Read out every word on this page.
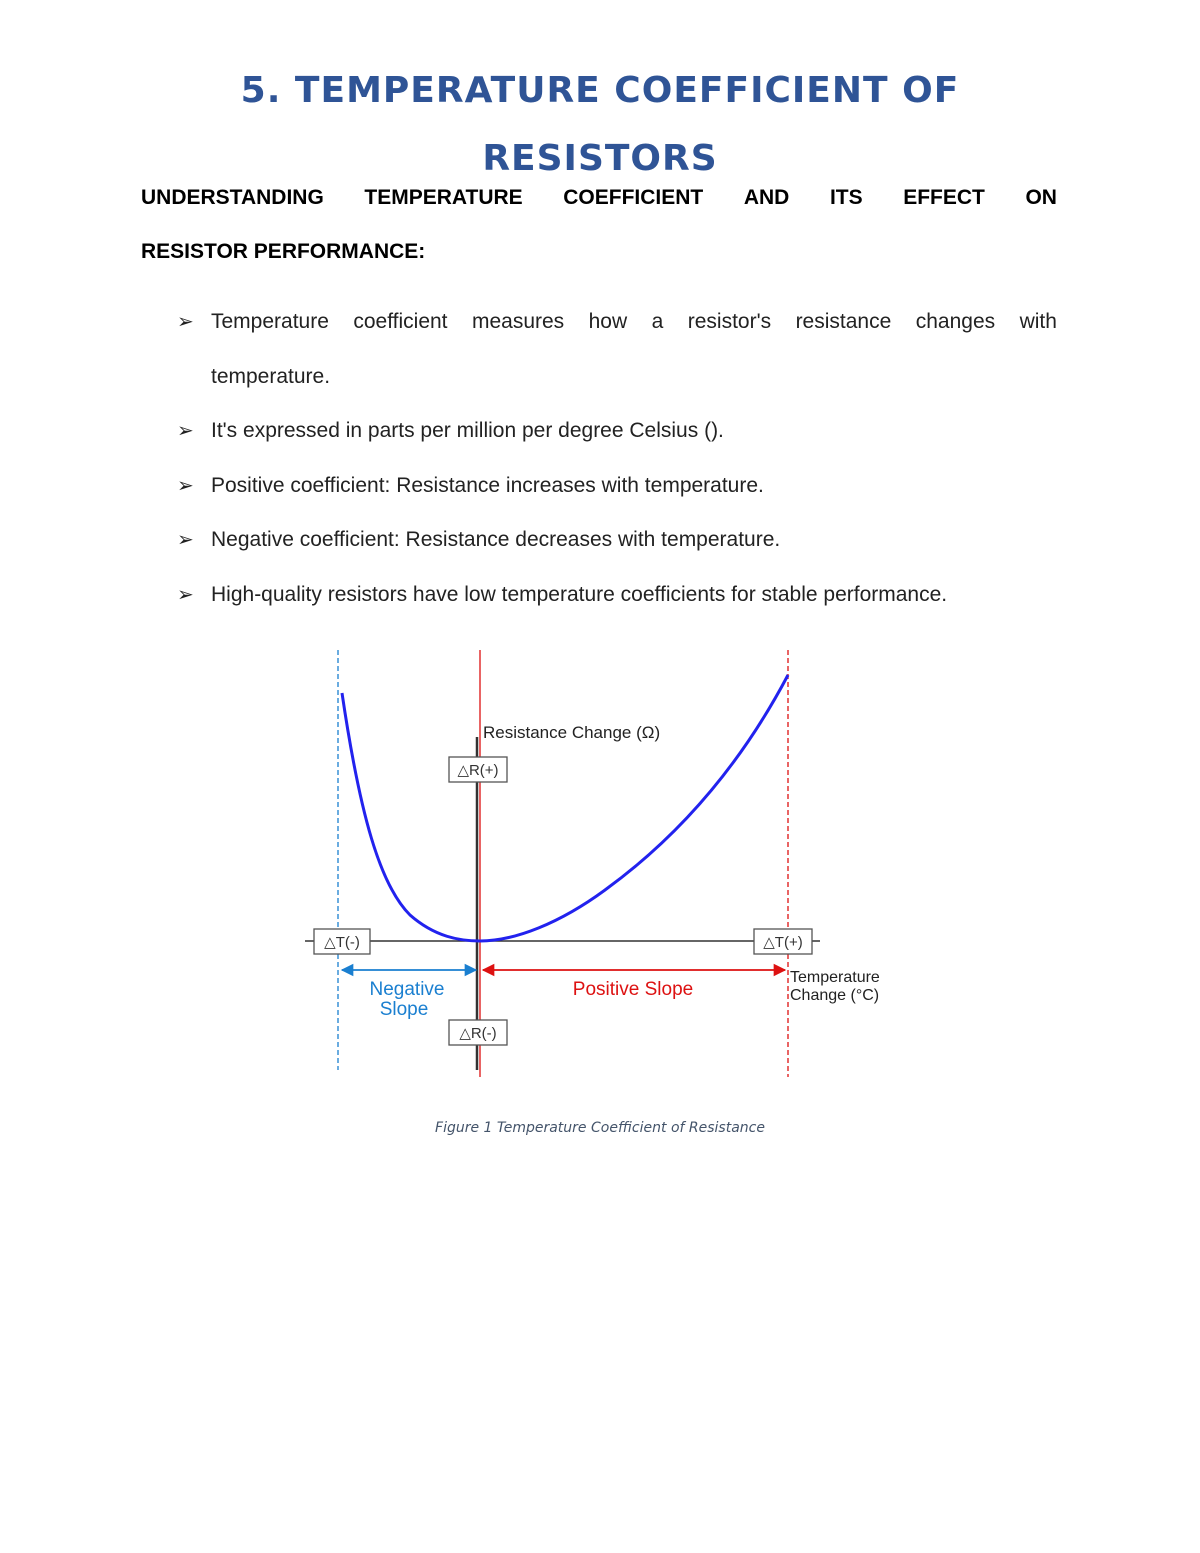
5. TEMPERATURE COEFFICIENT OF
RESISTORS
UNDERSTANDING TEMPERATURE COEFFICIENT AND ITS EFFECT ON
RESISTOR PERFORMANCE:
➢ Temperature coefficient measures how a resistor's resistance changes with
temperature.
➢ It's expressed in parts per million per degree Celsius ().
➢ Positive coefficient: Resistance increases with temperature.
➢ Negative coefficient: Resistance decreases with temperature.
➢ High-quality resistors have low temperature coefficients for stable performance.
Resistance Change (Ω)
△R(+)
△R(-)
△T(-)	△T(+)
Negative
Slope
Positive Slope
Temperature
Change (°C)
Figure 1 Temperature Coefficient of Resistance
